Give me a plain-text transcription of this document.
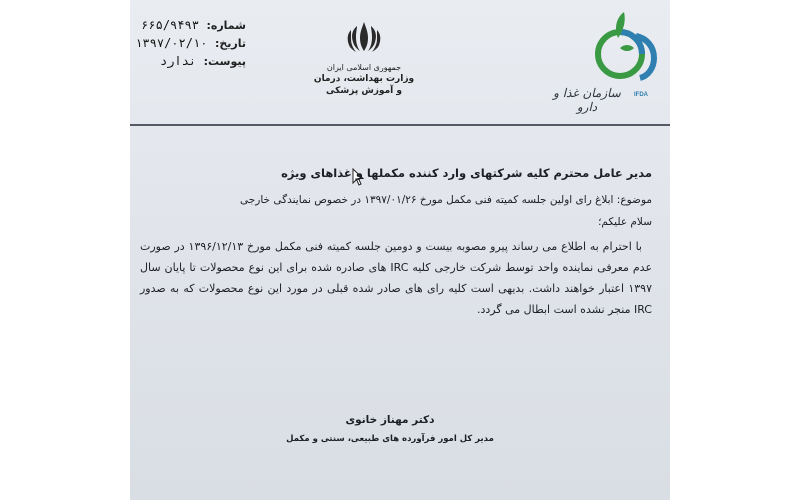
شماره: ۶۶۵/۹۴۹۳
تاریخ: ۱۳۹۷/۰۲/۱۰
پیوست: ندارد	جمهوری اسلامی ایران
وزارت بهداشت، درمان
و آموزش پزشکی	سازمان غذا و دارو
IFDA

مدیر عامل محترم کلیه شرکتهای وارد کننده مکملها و غذاهای ویژه

موضوع: ابلاغ رای اولین جلسه کمیته فنی مکمل مورخ ۱۳۹۷/۰۱/۲۶ در خصوص نمایندگی خارجی

سلام علیکم؛

با احترام به اطلاع می رساند پیرو مصوبه بیست و دومین جلسه کمیته فنی مکمل مورخ ۱۳۹۶/۱۲/۱۳ در صورت عدم معرفی نماینده واحد توسط شرکت خارجی کلیه IRC های صادره شده برای این نوع محصولات تا پایان سال ۱۳۹۷ اعتبار خواهند داشت. بدیهی است کلیه رای های صادر شده قبلی در مورد این نوع محصولات که به صدور IRC منجر نشده است ابطال می گردد.

دکتر مهناز خانوی
مدیر کل امور فرآورده های طبیعی، سنتی و مکمل
